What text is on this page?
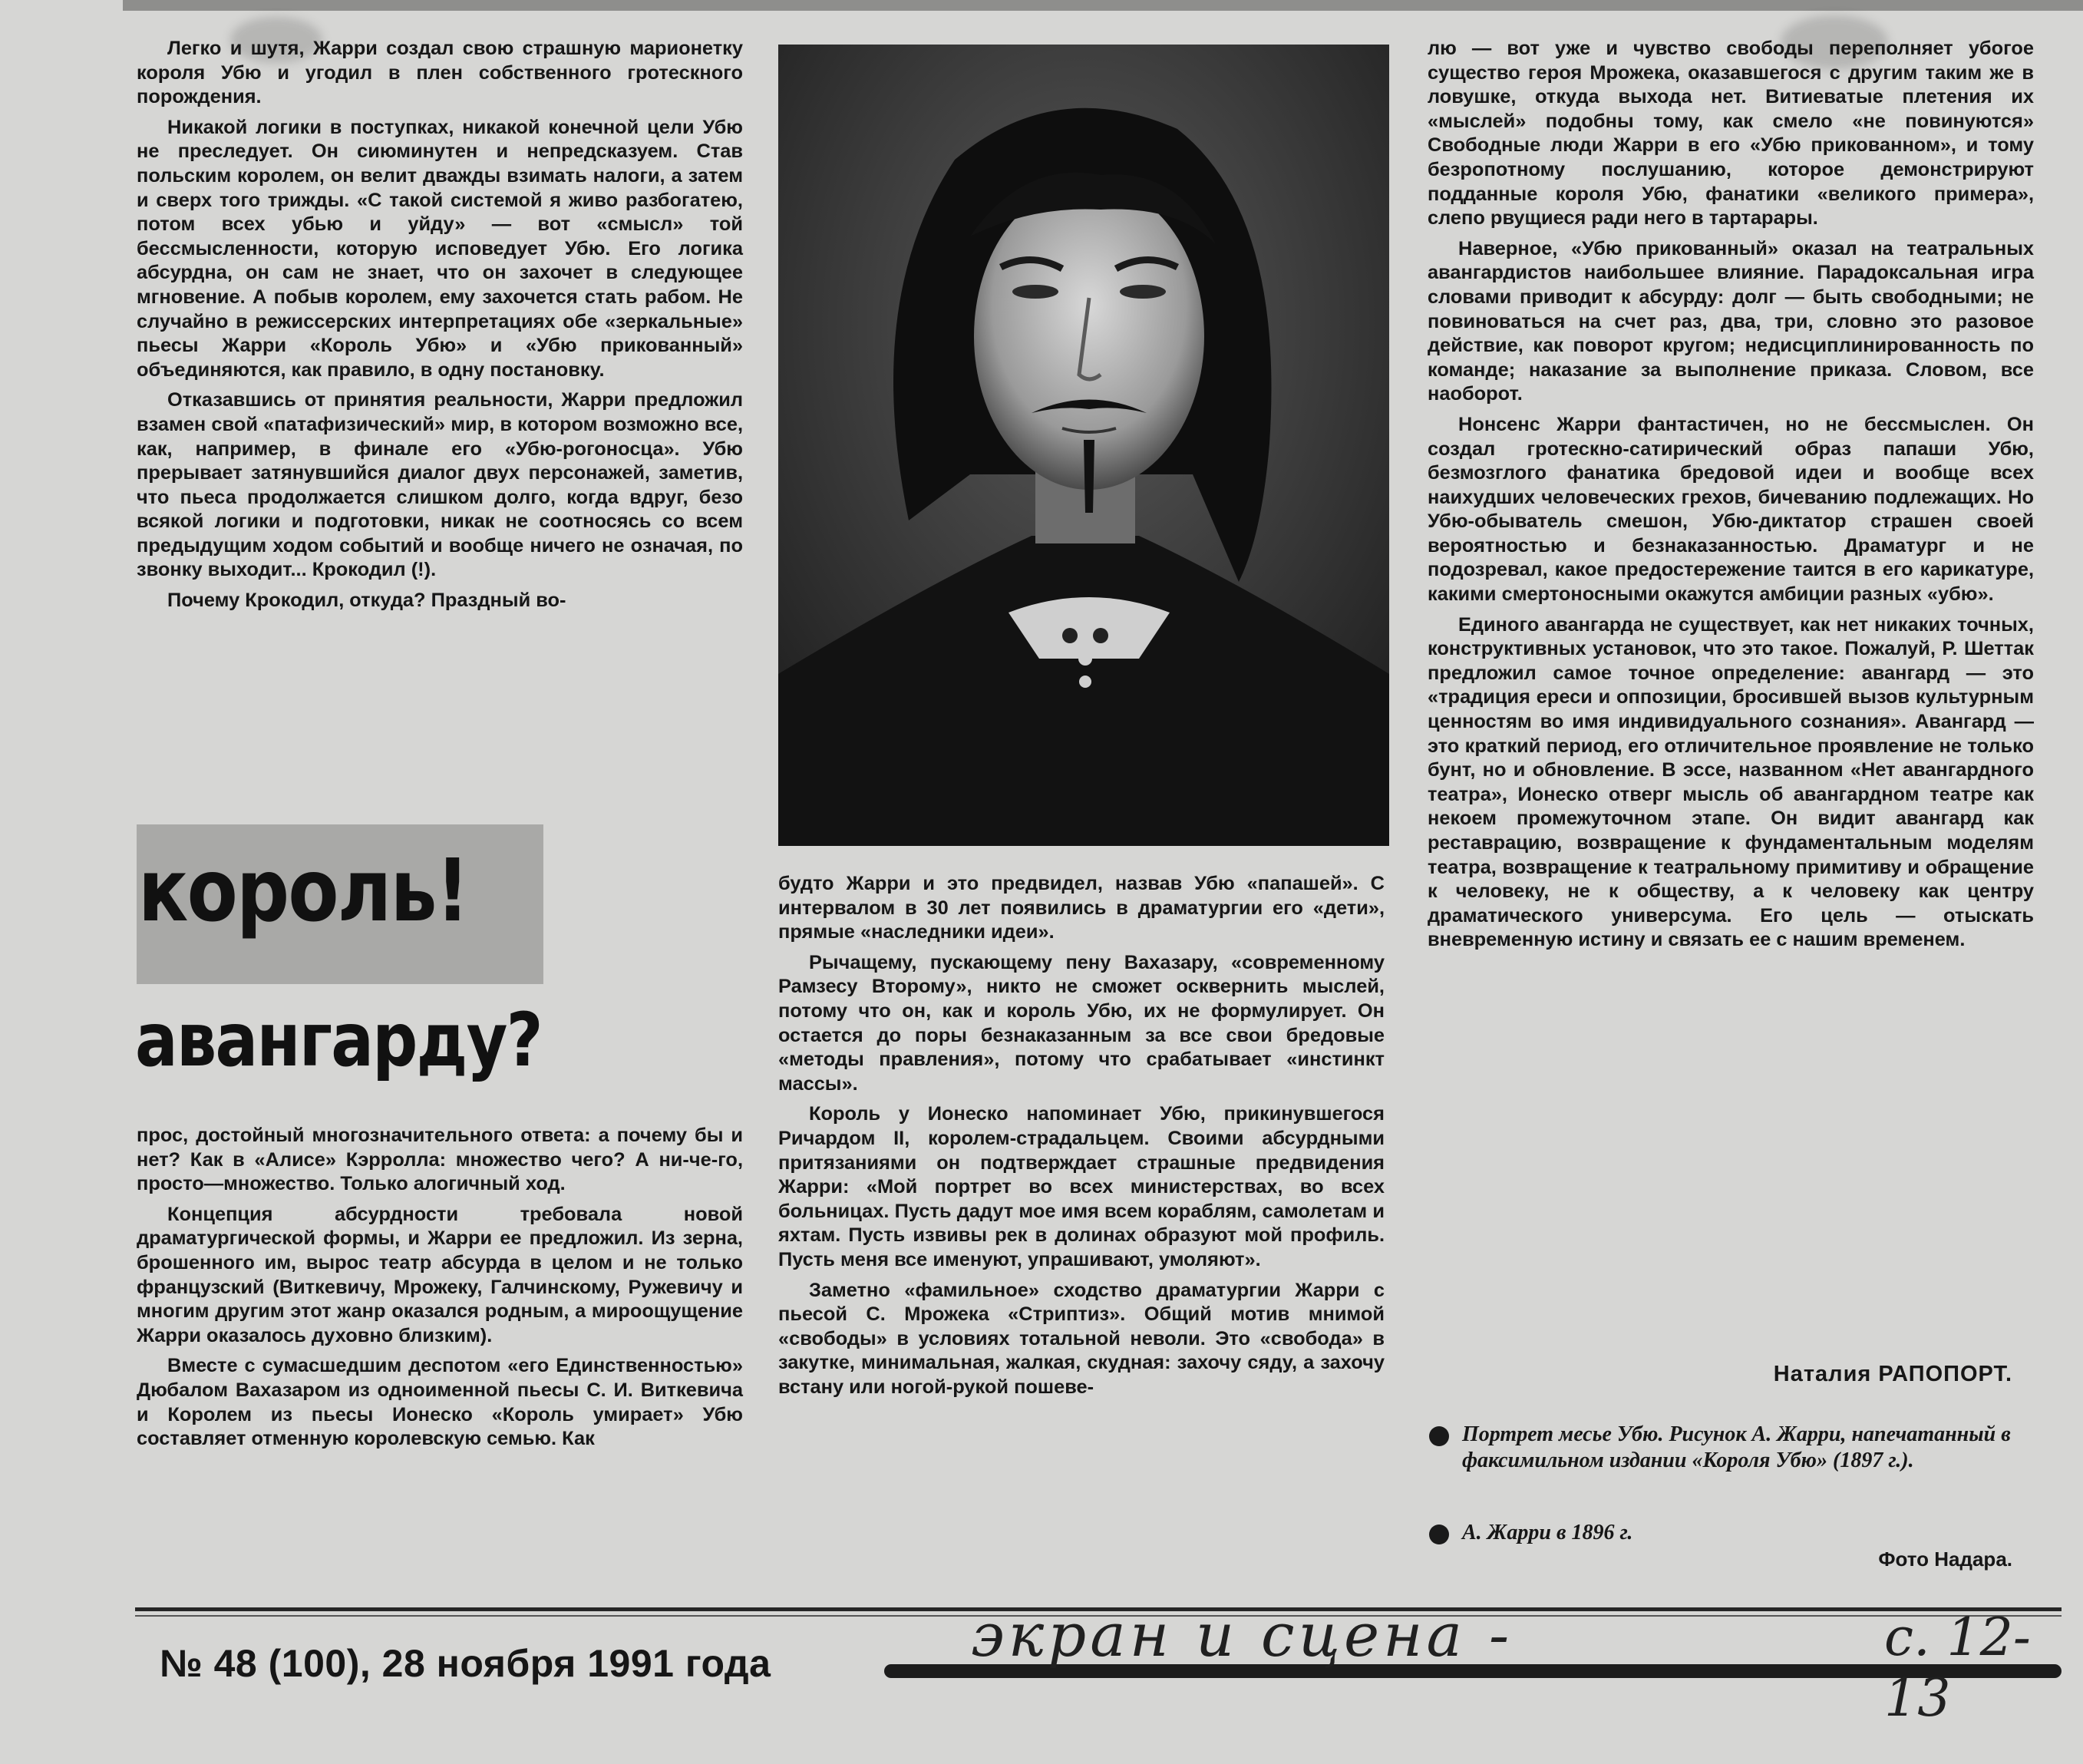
Легко и шутя, Жарри создал свою страшную марионетку короля Убю и угодил в плен собственного гротескного порождения.

Никакой логики в поступках, никакой конечной цели Убю не преследует. Он сиюминутен и непредсказуем. Став польским королем, он велит дважды взимать налоги, а затем и сверх того трижды. «С такой системой я живо разбогатею, потом всех убью и уйду» — вот «смысл» той бессмысленности, которую исповедует Убю. Его логика абсурдна, он сам не знает, что он захочет в следующее мгновение. А побыв королем, ему захочется стать рабом. Не случайно в режиссерских интерпретациях обе «зеркальные» пьесы Жарри «Король Убю» и «Убю прикованный» объединяются, как правило, в одну постановку.

Отказавшись от принятия реальности, Жарри предложил взамен свой «патафизический» мир, в котором возможно все, как, например, в финале его «Убю-рогоносца». Убю прерывает затянувшийся диалог двух персонажей, заметив, что пьеса продолжается слишком долго, когда вдруг, безо всякой логики и подготовки, никак не соотносясь со всем предыдущим ходом событий и вообще ничего не означая, по звонку выходит... Крокодил (!).

Почему Крокодил, откуда? Праздный во-

король!
авангарду?

прос, достойный многозначительного ответа: а почему бы и нет? Как в «Алисе» Кэрролла: множество чего? А ни-че-го, просто—множество. Только алогичный ход.

Концепция абсурдности требовала новой драматургической формы, и Жарри ее предложил. Из зерна, брошенного им, вырос театр абсурда в целом и не только французский (Виткевичу, Мрожеку, Галчинскому, Ружевичу и многим другим этот жанр оказался родным, а мироощущение Жарри оказалось духовно близким).

Вместе с сумасшедшим деспотом «его Единственностью» Дюбалом Вахазаром из одноименной пьесы С. И. Виткевича и Королем из пьесы Ионеско «Король умирает» Убю составляет отменную королевскую семью. Как

будто Жарри и это предвидел, назвав Убю «папашей». С интервалом в 30 лет появились в драматургии его «дети», прямые «наследники идеи».

Рычащему, пускающему пену Вахазару, «современному Рамзесу Второму», никто не сможет осквернить мыслей, потому что он, как и король Убю, их не формулирует. Он остается до поры безнаказанным за все свои бредовые «методы правления», потому что срабатывает «инстинкт массы».

Король у Ионеско напоминает Убю, прикинувшегося Ричардом II, королем-страдальцем. Своими абсурдными притязаниями он подтверждает страшные предвидения Жарри: «Мой портрет во всех министерствах, во всех больницах. Пусть дадут мое имя всем кораблям, самолетам и яхтам. Пусть извивы рек в долинах образуют мой профиль. Пусть меня все именуют, упрашивают, умоляют».

Заметно «фамильное» сходство драматургии Жарри с пьесой С. Мрожека «Стриптиз». Общий мотив мнимой «свободы» в условиях тотальной неволи. Это «свобода» в закутке, минимальная, жалкая, скудная: захочу сяду, а захочу встану или ногой-рукой пошеве-

лю — вот уже и чувство свободы переполняет убогое существо героя Мрожека, оказавшегося с другим таким же в ловушке, откуда выхода нет. Витиеватые плетения их «мыслей» подобны тому, как смело «не повинуются» Свободные люди Жарри в его «Убю прикованном», и тому безропотному послушанию, которое демонстрируют подданные короля Убю, фанатики «великого примера», слепо рвущиеся ради него в тартарары.

Наверное, «Убю прикованный» оказал на театральных авангардистов наибольшее влияние. Парадоксальная игра словами приводит к абсурду: долг — быть свободными; не повиноваться на счет раз, два, три, словно это разовое действие, как поворот кругом; недисциплинированность по команде; наказание за выполнение приказа. Словом, все наоборот.

Нонсенс Жарри фантастичен, но не бессмыслен. Он создал гротескно-сатирический образ папаши Убю, безмозглого фанатика бредовой идеи и вообще всех наихудших человеческих грехов, бичеванию подлежащих. Но Убю-обыватель смешон, Убю-диктатор страшен своей вероятностью и безнаказанностью. Драматург и не подозревал, какое предостережение таится в его карикатуре, какими смертоносными окажутся амбиции разных «убю».

Единого авангарда не существует, как нет никаких точных, конструктивных установок, что это такое. Пожалуй, Р. Шеттак предложил самое точное определение: авангард — это «традиция ереси и оппозиции, бросившей вызов культурным ценностям во имя индивидуального сознания». Авангард — это краткий период, его отличительное проявление не только бунт, но и обновление. В эссе, названном «Нет авангардного театра», Ионеско отверг мысль об авангардном театре как некоем промежуточном этапе. Он видит авангард как реставрацию, возвращение к фундаментальным моделям театра, возвращение к театральному примитиву и обращение к человеку, не к обществу, а к человеку как центру драматического универсума. Его цель — отыскать вневременную истину и связать ее с нашим временем.

Наталия РАПОПОРТ.
Портрет месье Убю. Рисунок А. Жарри, напечатанный в факсимильном издании «Короля Убю» (1897 г.).
А. Жарри в 1896 г.
Фото Надара.
№ 48 (100), 28 ноября 1991 года	экран и сцена -	с. 12-13
